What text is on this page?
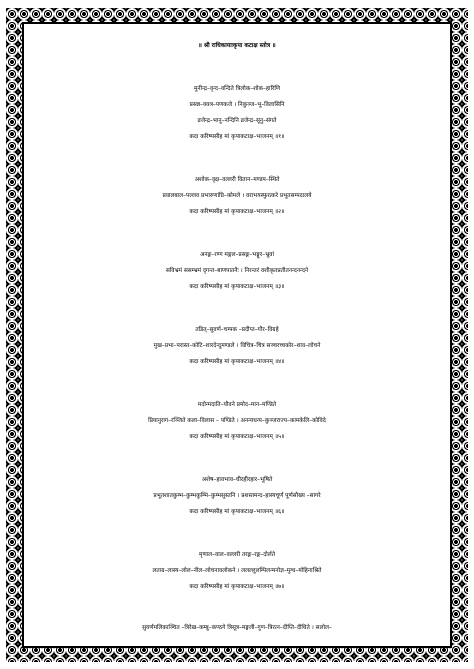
॥ श्री राधिकायाःकृपा कटाक्ष स्तोत्र ॥
मुनीन्द्र–वृन्द–वन्दिते त्रिलोक–शोक–हारिणि
प्रसन्न–वक्त्र–पणकजे । निकुञ्ज–भू–विलासिनि
व्रजेन्द्र–भानु–नन्दिनि व्रजेन्द्र–सूनु–संगते
कदा करिष्यसीह मां कृपाकटाक्ष–भाजनम् ॥१॥
अशोक–वृक्ष–वल्लरी वितान–मण्डप–स्थिते
प्रवालबाल–पल्लव प्रभारुणांघ्रि–कोमले । वराभयस्फुरत्करे प्रभूतसम्पदालये
कदा करिष्यसीह मां कृपाकटाक्ष–भाजनम् ॥२॥
अनङ्ग–रण्ग मङ्गल–प्रसङ्ग–भङ्गुर–भ्रुवां
सविभ्रमं ससम्भ्रमं दृगन्त–बाणपातनैः । निरन्तरं वशीकृतप्रतीतनन्दनन्दने
कदा करिष्यसीह मां कृपाकटाक्ष–भाजनम् ॥३॥
तडित्–सुवर्ण–चम्पक –प्रदीप्त–गौर–विग्रहे
मुख–प्रभा–परास्त–कोटि–शारदेन्दुमण्डले । विचित्र–चित्र सञ्चरच्चकोर–शाव–लोचने
कदा करिष्यसीह मां कृपाकटाक्ष–भाजनम् ॥४॥
मदोन्मदाति–यौवने प्रमोद–मान–मण्डिते
प्रियानुराग–रञ्जिते कला–विलास – पण्डिते । अनन्यधन्य–कुञ्जराज्य–कामकेलि–कोविदे
कदा करिष्यसीह मां कृपाकटाक्ष–भाजनम् ॥५॥
अशेष–हावभाव–धीरहीरहार–भूषिते
प्रभूतशातकुम्भ–कुम्भकुम्भि–कुम्भसुस्तनि । प्रशस्तमन्द–हास्यचूर्ण पूर्णसौख्य –सागरे
कदा करिष्यसीह मां कृपाकटाक्ष–भाजनम् ॥६॥
मृणाल–वाल–वल्लरी तरङ्ग–रङ्ग–दोर्लते
लताग्र–लास्य–लोल–नील–लोचनावलोकने । ललल्लुलम्पिलन्मनोज्ञ–मुग्ध–मोहिनाश्रिते
कदा करिष्यसीह मां कृपाकटाक्ष–भाजनम् ॥७॥
सुवर्णमलिकाञ्चित –त्रिरेख–कम्बु–कण्ठगे त्रिसूत्र–मङ्गली–गुण–त्रिरत्न–दीप्ति–दीधिते । सलोल–
